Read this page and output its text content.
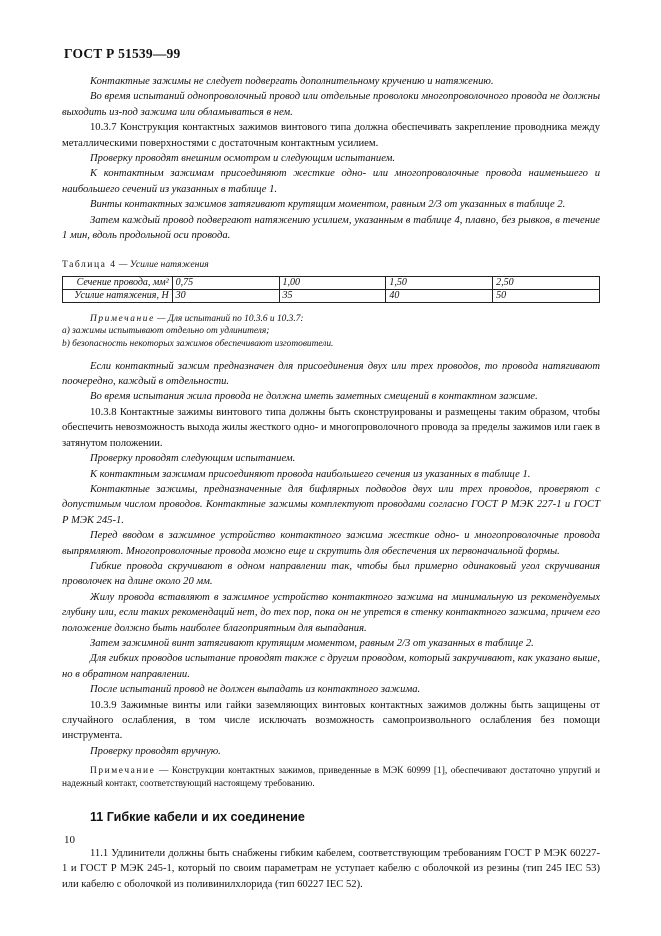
ГОСТ Р 51539—99

Контактные зажимы не следует подвергать дополнительному кручению и натяжению.

Во время испытаний однопроволочный провод или отдельные проволоки многопроволочного провода не должны выходить из-под зажима или обламываться в нем.

10.3.7 Конструкция контактных зажимов винтового типа должна обеспечивать закрепление проводника между металлическими поверхностями с достаточным контактным усилием.

Проверку проводят внешним осмотром и следующим испытанием.

К контактным зажимам присоединяют жесткие одно- или многопроволочные провода наименьшего и наибольшего сечений из указанных в таблице 1.

Винты контактных зажимов затягивают крутящим моментом, равным 2/3 от указанных в таблице 2.

Затем каждый провод подвергают натяжению усилием, указанным в таблице 4, плавно, без рывков, в течение 1 мин, вдоль продольной оси провода.

Таблица 4 — Усилие натяжения
Сечение провода, мм²	0,75	1,00	1,50	2,50
Усилие натяжения, Н	30	35	40	50

Примечание — Для испытаний по 10.3.6 и 10.3.7:

a) зажимы испытывают отдельно от удлинителя;

b) безопасность некоторых зажимов обеспечивают изготовители.

Если контактный зажим предназначен для присоединения двух или трех проводов, то провода натягивают поочередно, каждый в отдельности.

Во время испытания жила провода не должна иметь заметных смещений в контактном зажиме.

10.3.8 Контактные зажимы винтового типа должны быть сконструированы и размещены таким образом, чтобы обеспечить невозможность выхода жилы жесткого одно- и многопроволочного провода за пределы зажимов или гаек в затянутом положении.

Проверку проводят следующим испытанием.

К контактным зажимам присоединяют провода наибольшего сечения из указанных в таблице 1.

Контактные зажимы, предназначенные для бифлярных подводов двух или трех проводов, проверяют с допустимым числом проводов. Контактные зажимы комплектуют проводами согласно ГОСТ Р МЭК 227-1 и ГОСТ Р МЭК 245-1.

Перед вводом в зажимное устройство контактного зажима жесткие одно- и многопроволочные провода выпрямляют. Многопроволочные провода можно еще и скрутить для обеспечения их первоначальной формы.

Гибкие провода скручивают в одном направлении так, чтобы был примерно одинаковый угол скручивания проволочек на длине около 20 мм.

Жилу провода вставляют в зажимное устройство контактного зажима на минимальную из рекомендуемых глубину или, если таких рекомендаций нет, до тех пор, пока он не упрется в стенку контактного зажима, причем его положение должно быть наиболее благоприятным для выпадания.

Затем зажимной винт затягивают крутящим моментом, равным 2/3 от указанных в таблице 2.

Для гибких проводов испытание проводят также с другим проводом, который закручивают, как указано выше, но в обратном направлении.

После испытаний провод не должен выпадать из контактного зажима.

10.3.9 Зажимные винты или гайки заземляющих винтовых контактных зажимов должны быть защищены от случайного ослабления, в том числе исключать возможность самопроизвольного ослабления без помощи инструмента.

Проверку проводят вручную.

Примечание — Конструкции контактных зажимов, приведенные в МЭК 60999 [1], обеспечивают достаточно упругий и надежный контакт, соответствующий настоящему требованию.

11 Гибкие кабели и их соединение

11.1 Удлинители должны быть снабжены гибким кабелем, соответствующим требованиям ГОСТ Р МЭК 60227-1 и ГОСТ Р МЭК 245-1, который по своим параметрам не уступает кабелю с оболочкой из резины (тип 245 IEC 53) или кабелю с оболочкой из поливинилхлорида (тип 60227 IEC 52).

10
